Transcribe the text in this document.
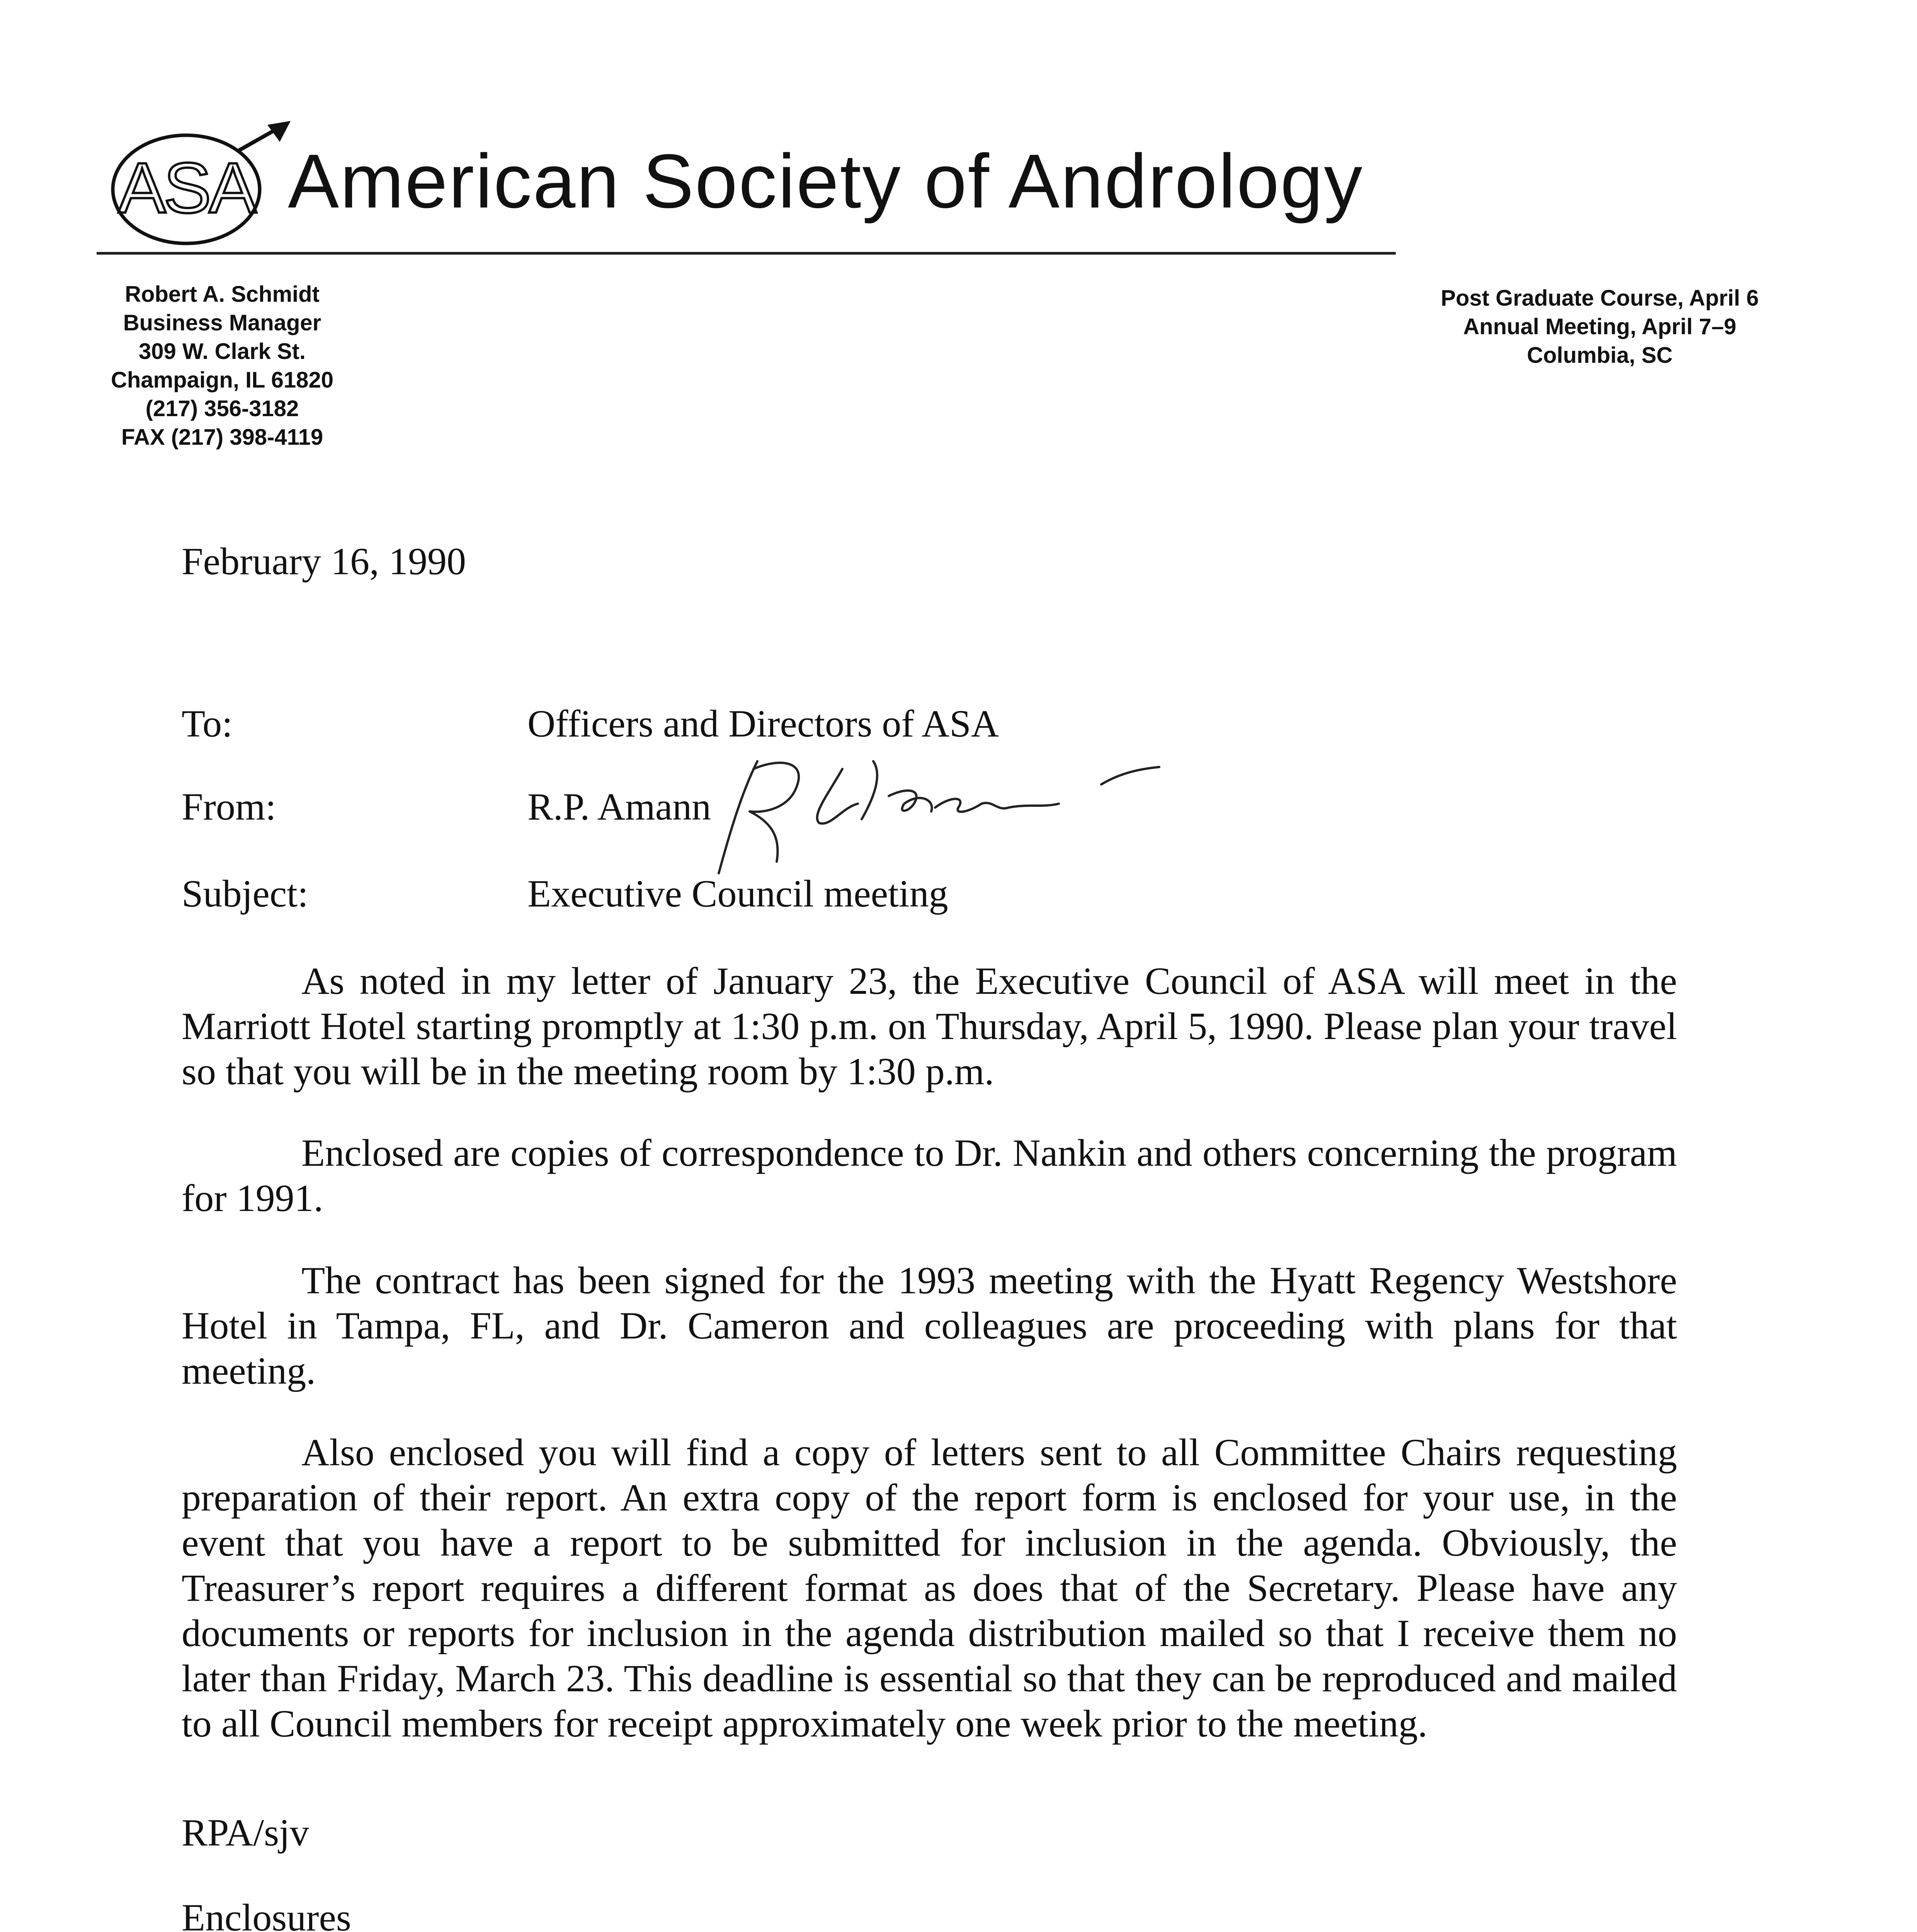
ASA American Society of Andrology
Robert A. Schmidt
Business Manager
309 W. Clark St.
Champaign, IL 61820
(217) 356-3182
FAX (217) 398-4119
Post Graduate Course, April 6
Annual Meeting, April 7–9
Columbia, SC
February 16, 1990
To:	Officers and Directors of ASA
From:	R.P. Amann
Subject:	Executive Council meeting
As noted in my letter of January 23, the Executive Council of ASA will meet in the Marriott Hotel starting promptly at 1:30 p.m. on Thursday, April 5, 1990. Please plan your travel so that you will be in the meeting room by 1:30 p.m.
Enclosed are copies of correspondence to Dr. Nankin and others concerning the program for 1991.
The contract has been signed for the 1993 meeting with the Hyatt Regency Westshore Hotel in Tampa, FL, and Dr. Cameron and colleagues are proceeding with plans for that meeting.
Also enclosed you will find a copy of letters sent to all Committee Chairs requesting preparation of their report. An extra copy of the report form is enclosed for your use, in the event that you have a report to be submitted for inclusion in the agenda. Obviously, the Treasurer’s report requires a different format as does that of the Secretary. Please have any documents or reports for inclusion in the agenda distribution mailed so that I receive them no later than Friday, March 23. This deadline is essential so that they can be reproduced and mailed to all Council members for receipt approximately one week prior to the meeting.
RPA/sjv
Enclosures
